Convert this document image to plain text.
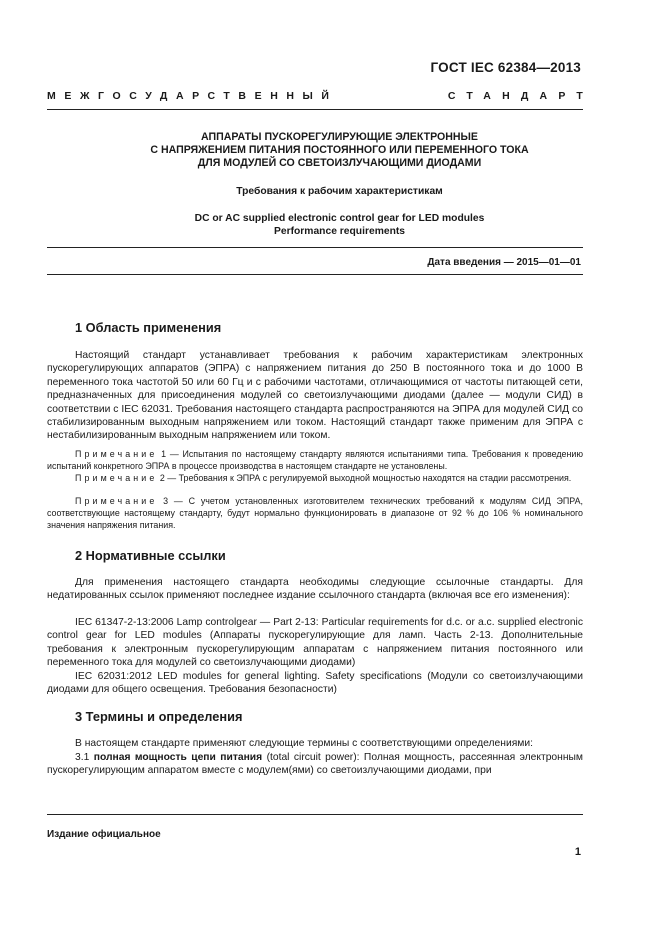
ГОСТ IEC 62384—2013
МЕЖГОСУДАРСТВЕННЫЙ	СТАНДАРТ
АППАРАТЫ ПУСКОРЕГУЛИРУЮЩИЕ ЭЛЕКТРОННЫЕ
С НАПРЯЖЕНИЕМ ПИТАНИЯ ПОСТОЯННОГО ИЛИ ПЕРЕМЕННОГО ТОКА
ДЛЯ МОДУЛЕЙ СО СВЕТОИЗЛУЧАЮЩИМИ ДИОДАМИ
Требования к рабочим характеристикам
DC or AC supplied electronic control gear for LED modules
Performance requirements
Дата введения — 2015—01—01
1 Область применения
Настоящий стандарт устанавливает требования к рабочим характеристикам электронных пускорегулирующих аппаратов (ЭПРА) с напряжением питания до 250 В постоянного тока и до 1000 В переменного тока частотой 50 или 60 Гц и с рабочими частотами, отличающимися от частоты питающей сети, предназначенных для присоединения модулей со светоизлучающими диодами (далее — модули СИД) в соответствии с IEC 62031. Требования настоящего стандарта распространяются на ЭПРА для модулей СИД со стабилизированным выходным напряжением или током. Настоящий стандарт также применим для ЭПРА с нестабилизированным выходным напряжением или током.
Примечание 1 — Испытания по настоящему стандарту являются испытаниями типа. Требования к проведению испытаний конкретного ЭПРА в процессе производства в настоящем стандарте не установлены.
Примечание 2 — Требования к ЭПРА с регулируемой выходной мощностью находятся на стадии рассмотрения.
Примечание 3 — С учетом установленных изготовителем технических требований к модулям СИД ЭПРА, соответствующие настоящему стандарту, будут нормально функционировать в диапазоне от 92 % до 106 % номинального значения напряжения питания.
2 Нормативные ссылки
Для применения настоящего стандарта необходимы следующие ссылочные стандарты. Для недатированных ссылок применяют последнее издание ссылочного стандарта (включая все его изменения):
IEC 61347-2-13:2006 Lamp controlgear — Part 2-13: Particular requirements for d.c. or a.c. supplied electronic control gear for LED modules (Аппараты пускорегулирующие для ламп. Часть 2-13. Дополнительные требования к электронным пускорегулирующим аппаратам с напряжением питания постоянного или переменного тока для модулей со светоизлучающими диодами)
IEC 62031:2012 LED modules for general lighting. Safety specifications (Модули со светоизлучающими диодами для общего освещения. Требования безопасности)
3 Термины и определения
В настоящем стандарте применяют следующие термины с соответствующими определениями:
3.1 полная мощность цепи питания (total circuit power): Полная мощность, рассеянная электронным пускорегулирующим аппаратом вместе с модулем(ями) со светоизлучающими диодами, при
Издание официальное
1
